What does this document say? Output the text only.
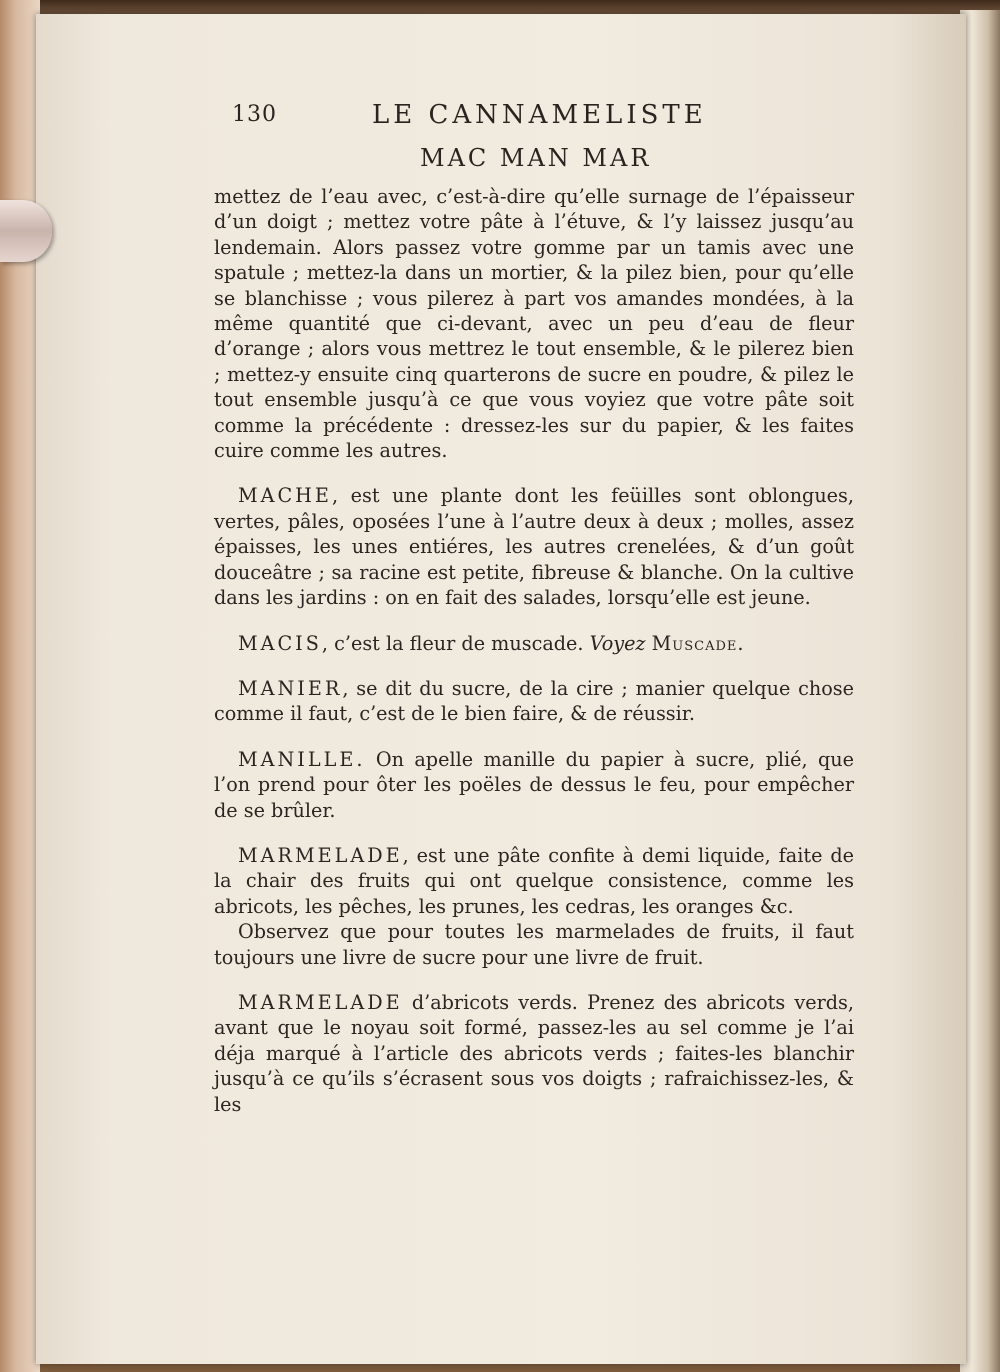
130	LE CANNAMELISTE
MAC MAN MAR

mettez de l’eau avec, c’est-à-dire qu’elle surnage de l’épaisseur d’un doigt ; mettez votre pâte à l’étuve, & l’y laissez jusqu’au lendemain. Alors passez votre gomme par un tamis avec une spatule ; mettez-la dans un mortier, & la pilez bien, pour qu’elle se blanchisse ; vous pilerez à part vos amandes mondées, à la même quantité que ci-devant, avec un peu d’eau de fleur d’orange ; alors vous mettrez le tout ensemble, & le pilerez bien ; mettez-y ensuite cinq quarterons de sucre en poudre, & pilez le tout ensemble jusqu’à ce que vous voyiez que votre pâte soit comme la précédente : dressez-les sur du papier, & les faites cuire comme les autres.

MACHE, est une plante dont les feüilles sont oblongues, vertes, pâles, oposées l’une à l’autre deux à deux ; molles, assez épaisses, les unes entiéres, les autres crenelées, & d’un goût douceâtre ; sa racine est petite, fibreuse & blanche. On la cultive dans les jardins : on en fait des salades, lorsqu’elle est jeune.

MACIS, c’est la fleur de muscade. Voyez Muscade.

MANIER, se dit du sucre, de la cire ; manier quelque chose comme il faut, c’est de le bien faire, & de réussir.

MANILLE. On apelle manille du papier à sucre, plié, que l’on prend pour ôter les poëles de dessus le feu, pour empêcher de se brûler.

MARMELADE, est une pâte confite à demi liquide, faite de la chair des fruits qui ont quelque consistence, comme les abricots, les pêches, les prunes, les cedras, les oranges &c.

Observez que pour toutes les marmelades de fruits, il faut toujours une livre de sucre pour une livre de fruit.

MARMELADE d’abricots verds. Prenez des abricots verds, avant que le noyau soit formé, passez-les au sel comme je l’ai déja marqué à l’article des abricots verds ; faites-les blanchir jusqu’à ce qu’ils s’écrasent sous vos doigts ; rafraichissez-les, & les
